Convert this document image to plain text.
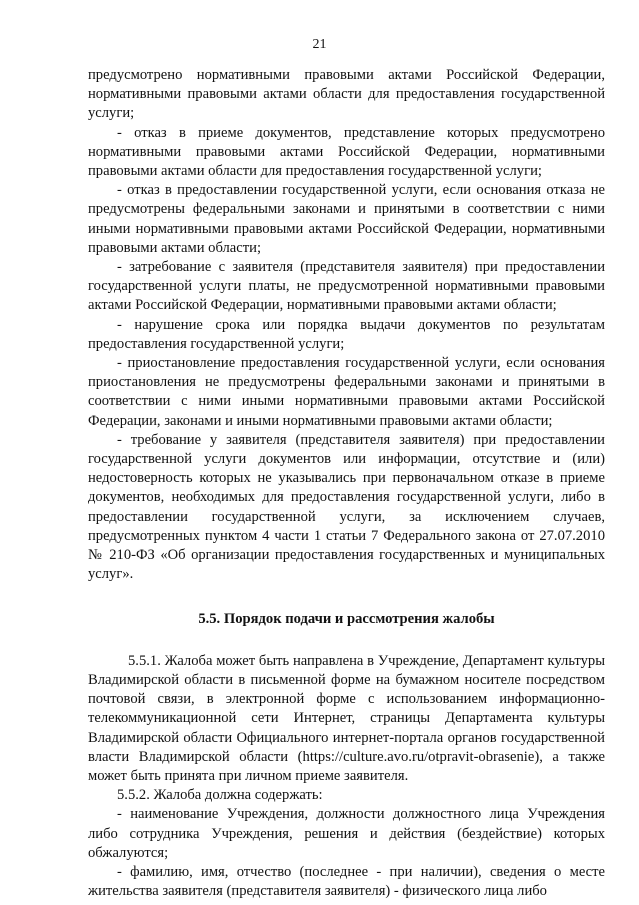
21

предусмотрено нормативными правовыми актами Российской Федерации, нормативными правовыми актами области для предоставления государственной услуги;

- отказ в приеме документов, представление которых предусмотрено нормативными правовыми актами Российской Федерации, нормативными правовыми актами области для предоставления государственной услуги;

- отказ в предоставлении государственной услуги, если основания отказа не предусмотрены федеральными законами и принятыми в соответствии с ними иными нормативными правовыми актами Российской Федерации, нормативными правовыми актами области;

- затребование с заявителя (представителя заявителя) при предоставлении государственной услуги платы, не предусмотренной нормативными правовыми актами Российской Федерации, нормативными правовыми актами области;

- нарушение срока или порядка выдачи документов по результатам предоставления государственной услуги;

- приостановление предоставления государственной услуги, если основания приостановления не предусмотрены федеральными законами и принятыми в соответствии с ними иными нормативными правовыми актами Российской Федерации, законами и иными нормативными правовыми актами области;

- требование у заявителя (представителя заявителя) при предоставлении государственной услуги документов или информации, отсутствие и (или) недостоверность которых не указывались при первоначальном отказе в приеме документов, необходимых для предоставления государственной услуги, либо в предоставлении государственной услуги, за исключением случаев, предусмотренных пунктом 4 части 1 статьи 7 Федерального закона от 27.07.2010 № 210-ФЗ «Об организации предоставления государственных и муниципальных услуг».

5.5. Порядок подачи и рассмотрения жалобы

5.5.1. Жалоба может быть направлена в Учреждение, Департамент культуры Владимирской области в письменной форме на бумажном носителе посредством почтовой связи, в электронной форме с использованием информационно-телекоммуникационной сети Интернет, страницы Департамента культуры Владимирской области Официального интернет-портала органов государственной власти Владимирской области (https://culture.avo.ru/otpravit-obrasenie), а также может быть принята при личном приеме заявителя.

5.5.2. Жалоба должна содержать:

- наименование Учреждения, должности должностного лица Учреждения либо сотрудника Учреждения, решения и действия (бездействие) которых обжалуются;

- фамилию, имя, отчество (последнее - при наличии), сведения о месте жительства заявителя (представителя заявителя) - физического лица либо
